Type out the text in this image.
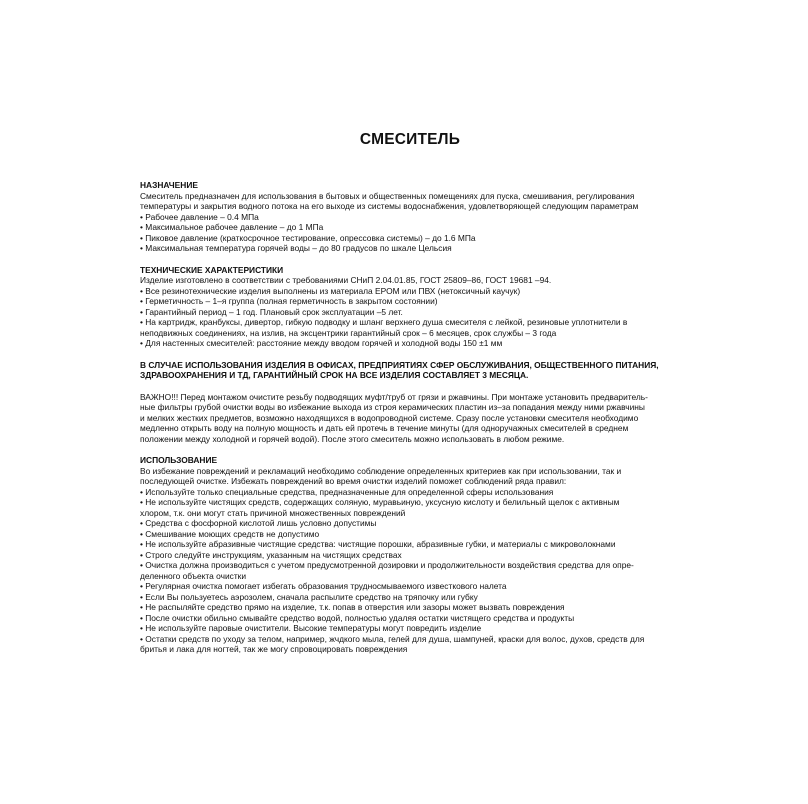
СМЕСИТЕЛЬ
НАЗНАЧЕНИЕ
Смеситель предназначен для использования в бытовых и общественных помещениях для пуска, смешивания, регулирования
температуры и закрытия водного потока на его выходе из системы водоснабжения, удовлетворяющей следующим параметрам
• Рабочее давление – 0.4 МПа
• Максимальное рабочее давление – до 1 МПа
• Пиковое давление (краткосрочное тестирование, опрессовка системы) – до 1.6 МПа
• Максимальная температура горячей воды – до 80 градусов по шкале Цельсия
ТЕХНИЧЕСКИЕ ХАРАКТЕРИСТИКИ
Изделие изготовлено в соответствии с требованиями СНиП 2.04.01.85, ГОСТ 25809–86, ГОСТ 19681 –94.
• Все резинотехнические изделия выполнены из материала EPOM или ПВХ (нетоксичный каучук)
• Герметичность – 1–я группа (полная герметичность в закрытом состоянии)
• Гарантийный период – 1 год. Плановый срок эксплуатации –5 лет.
• На картридж, кранбуксы, дивертор, гибкую подводку и шланг верхнего душа смесителя с лейкой, резиновые уплотнители в
неподвижных соединениях, на излив, на эксцентрики гарантийный срок – 6 месяцев, срок службы – 3 года
• Для настенных смесителей: расстояние между вводом горячей и холодной воды 150 ±1 мм
В СЛУЧАЕ ИСПОЛЬЗОВАНИЯ ИЗДЕЛИЯ В ОФИСАХ, ПРЕДПРИЯТИЯХ СФЕР ОБСЛУЖИВАНИЯ, ОБЩЕСТВЕННОГО ПИТАНИЯ,
ЗДРАВООХРАНЕНИЯ И ТД, ГАРАНТИЙНЫЙ СРОК НА ВСЕ ИЗДЕЛИЯ СОСТАВЛЯЕТ 3 МЕСЯЦА.
ВАЖНО!!! Перед монтажом очистите резьбу подводящих муфт/труб от грязи и ржавчины. При монтаже установить предваритель-
ные фильтры грубой очистки воды во избежание выхода из строя керамических пластин из–за попадания между ними ржавчины
и мелких жестких предметов, возможно находящихся в водопроводной системе. Сразу после установки смесителя необходимо
медленно открыть воду на полную мощность и дать ей протечь в течение минуты (для одноручажных смесителей в среднем
положении между холодной и горячей водой). После этого смеситель можно использовать в любом режиме.
ИСПОЛЬЗОВАНИЕ
Во избежание повреждений и рекламаций необходимо соблюдение определенных критериев как при использовании, так и
последующей очистке. Избежать повреждений во время очистки изделий поможет соблюдений ряда правил:
• Используйте только специальные средства, предназначенные для определенной сферы использования
• Не используйте чистящих средств, содержащих соляную, муравьиную, уксусную кислоту и белильный щелок с активным
хлором, т.к. они могут стать причиной множественных повреждений
• Средства с фосфорной кислотой лишь условно допустимы
• Смешивание моющих средств не допустимо
• Не используйте абразивные чистящие средства: чистящие порошки, абразивные губки, и материалы с микроволокнами
• Строго следуйте инструкциям, указанным на чистящих средствах
• Очистка должна производиться с учетом предусмотренной дозировки и продолжительности воздействия средства для опре-
деленного объекта очистки
• Регулярная очистка помогает избегать образования трудносмываемого известкового налета
• Если Вы пользуетесь аэрозолем, сначала распылите средство на тряпочку или губку
• Не распыляйте средство прямо на изделие, т.к. попав в отверстия или зазоры может вызвать повреждения
• После очистки обильно смывайте средство водой, полностью удаляя остатки чистящего средства и продукты
• Не используйте паровые очистители. Высокие температуры могут повредить изделие
• Остатки средств по уходу за телом, например, жчдкого мыла, гелей для душа, шампуней, краски для волос, духов, средств для
бритья и лака для ногтей, так же могу спровоцировать повреждения
